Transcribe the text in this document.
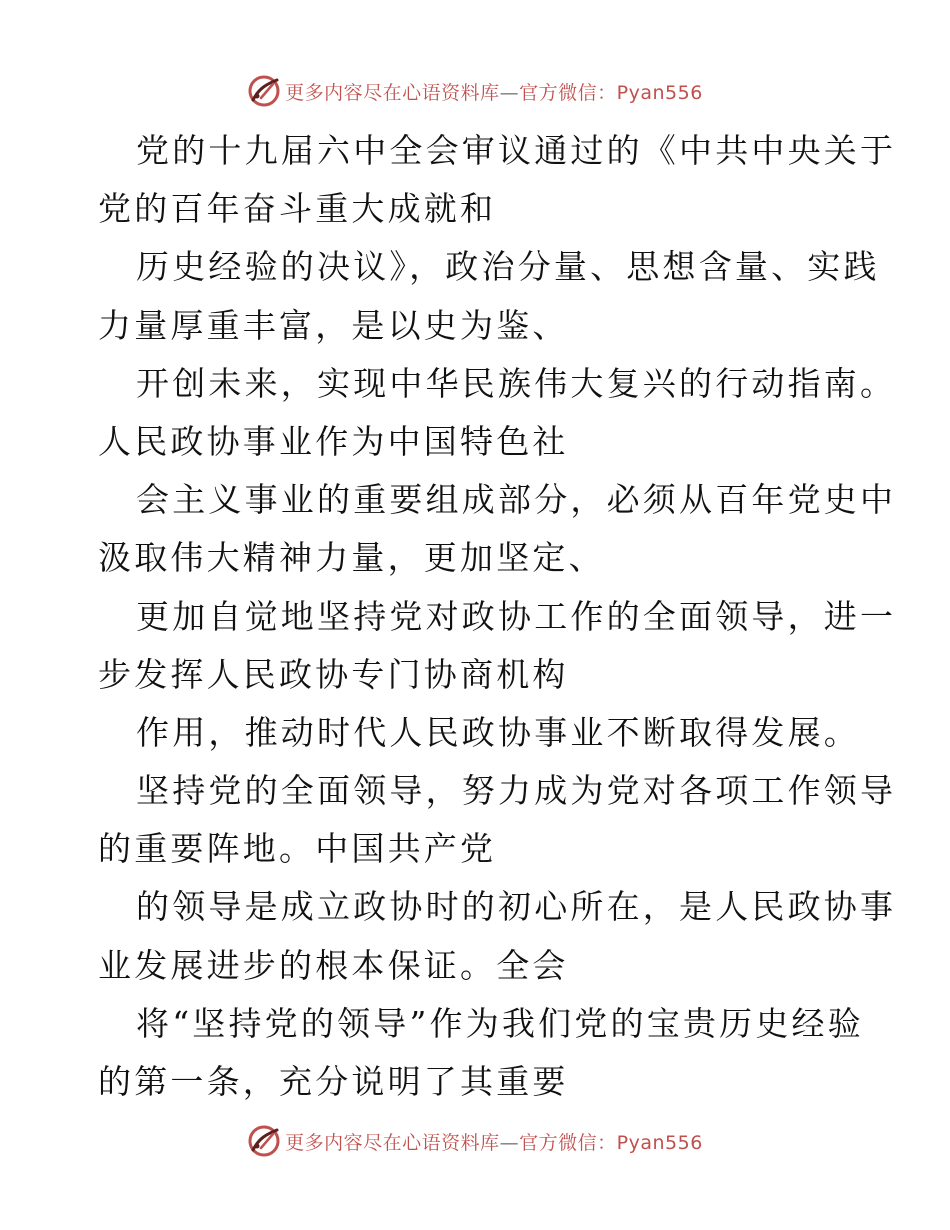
更多内容尽在心语资料库—官方微信：Pyan556
党的十九届六中全会审议通过的《中共中央关于
党的百年奋斗重大成就和
历史经验的决议》，政治分量、思想含量、实践
力量厚重丰富，是以史为鉴、
开创未来，实现中华民族伟大复兴的行动指南。
人民政协事业作为中国特色社
会主义事业的重要组成部分，必须从百年党史中
汲取伟大精神力量，更加坚定、
更加自觉地坚持党对政协工作的全面领导，进一
步发挥人民政协专门协商机构
作用，推动时代人民政协事业不断取得发展。
坚持党的全面领导，努力成为党对各项工作领导
的重要阵地。中国共产党
的领导是成立政协时的初心所在，是人民政协事
业发展进步的根本保证。全会
将“坚持党的领导”作为我们党的宝贵历史经验
的第一条，充分说明了其重要
更多内容尽在心语资料库—官方微信：Pyan556
